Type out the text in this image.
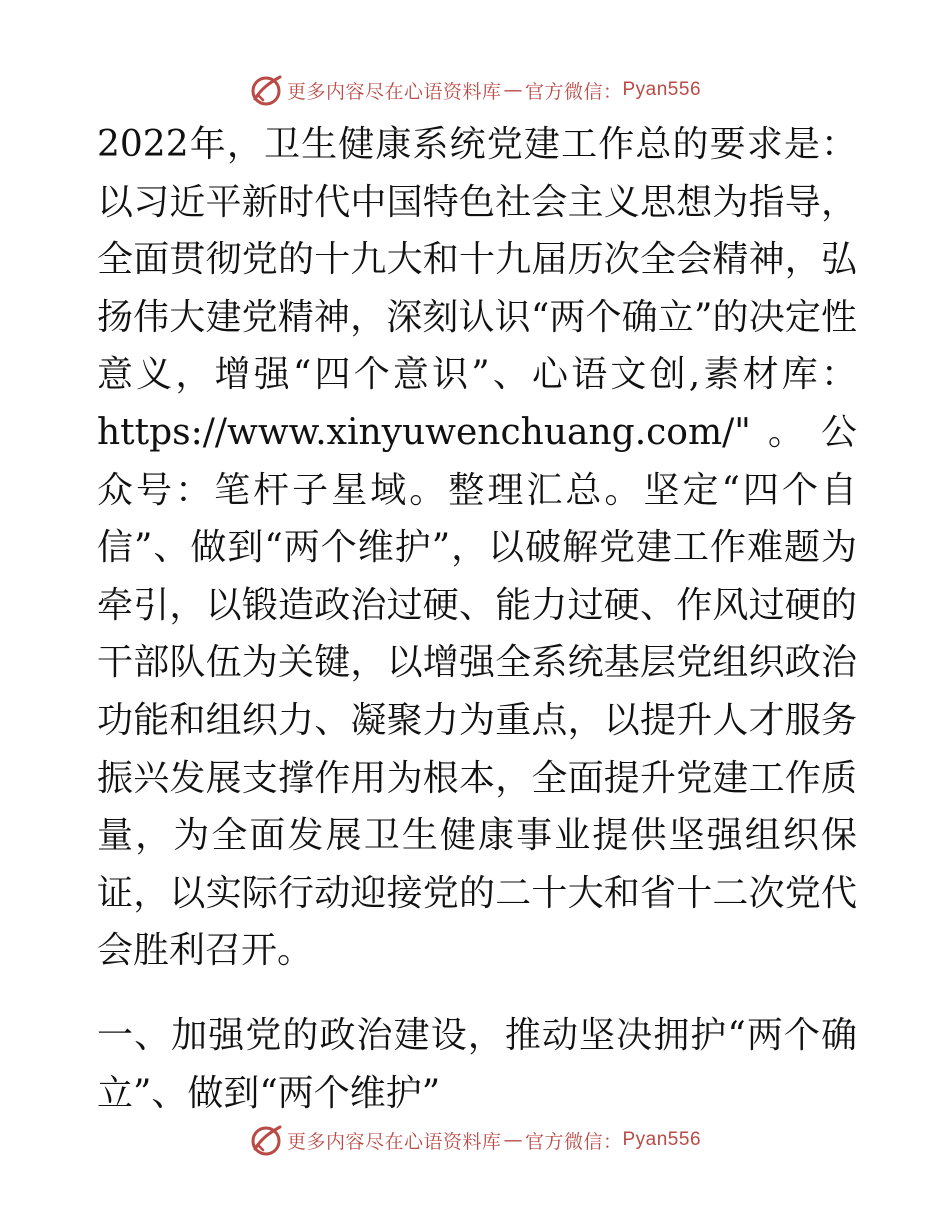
更多内容尽在心语资料库 — 官方微信： Pyan556

2022年，卫生健康系统党建工作总的要求是：以习近平新时代中国特色社会主义思想为指导，全面贯彻党的十九大和十九届历次全会精神，弘扬伟大建党精神，深刻认识“两个确立”的决定性意义，增强“四个意识”、心语文创,素材库：https://www.xinyuwenchuang.com/"。公众号：笔杆子星域。整理汇总。坚定“四个自信”、做到“两个维护”，以破解党建工作难题为牵引，以锻造政治过硬、能力过硬、作风过硬的干部队伍为关键，以增强全系统基层党组织政治功能和组织力、凝聚力为重点，以提升人才服务振兴发展支撑作用为根本，全面提升党建工作质量，为全面发展卫生健康事业提供坚强组织保证，以实际行动迎接党的二十大和省十二次党代会胜利召开。

一、加强党的政治建设，推动坚决拥护“两个确立”、做到“两个维护”

更多内容尽在心语资料库 — 官方微信： Pyan556
